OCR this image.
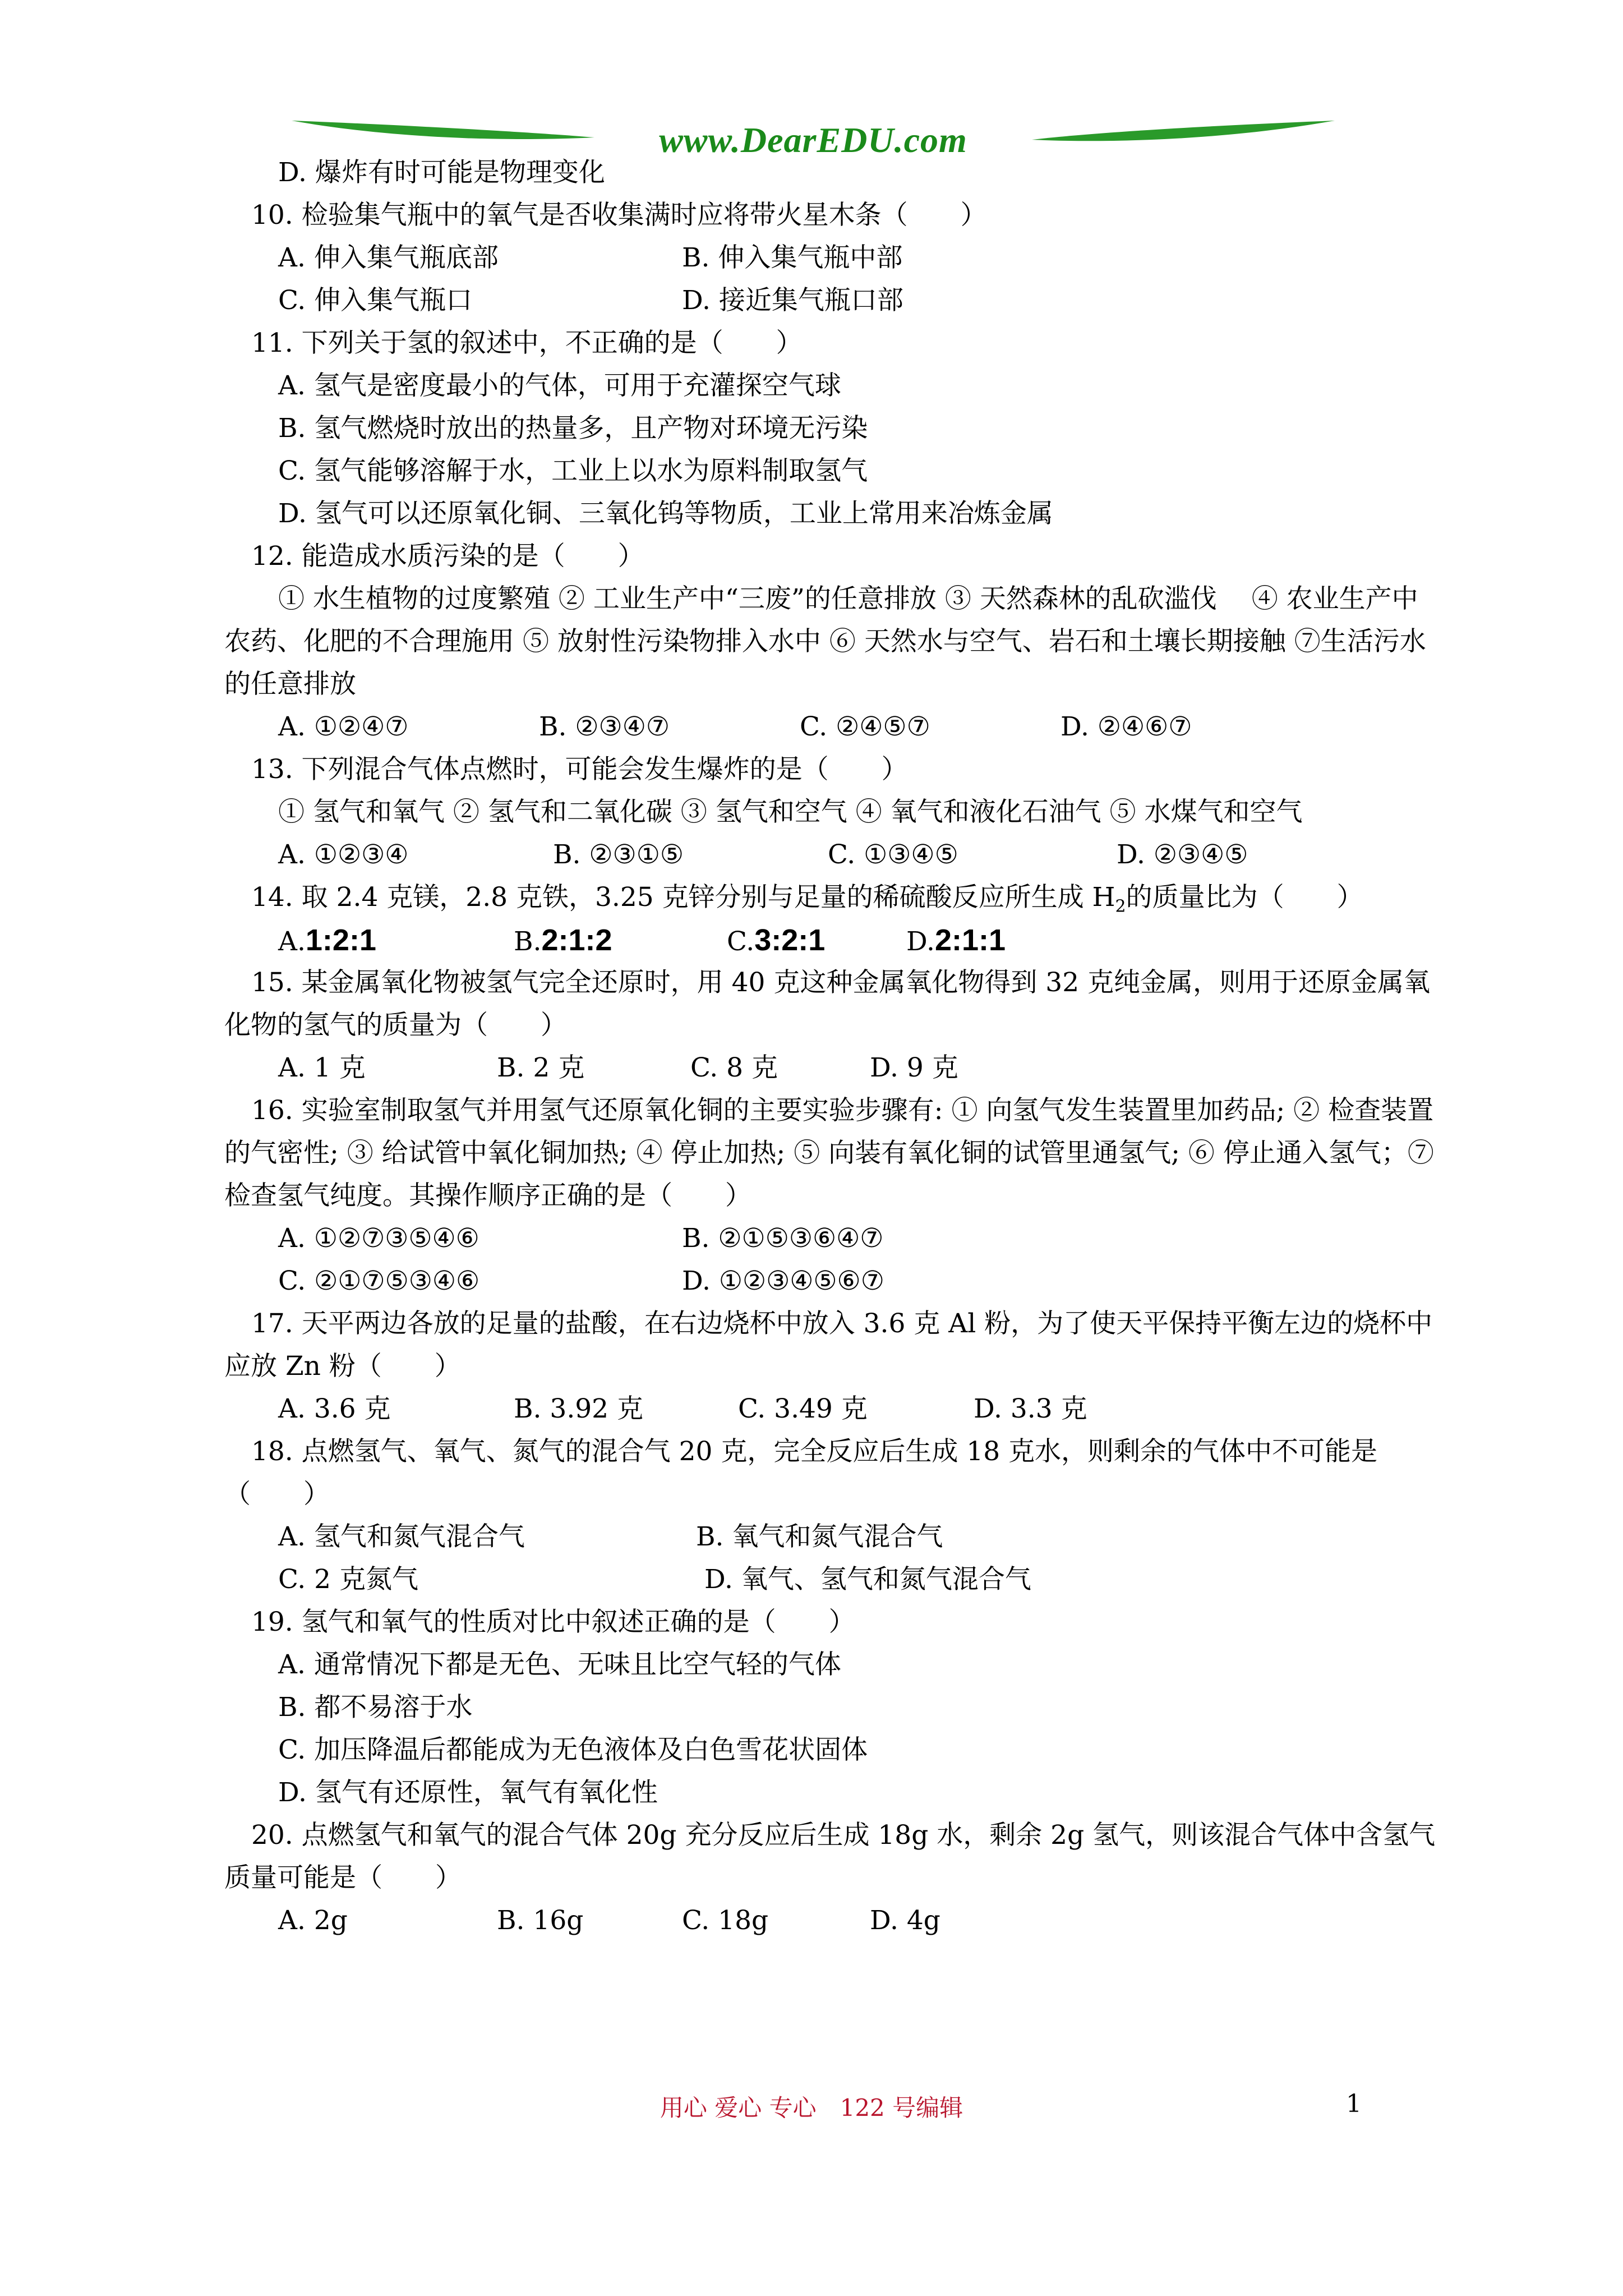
www.DearEDU.com
D. 爆炸有时可能是物理变化
10. 检验集气瓶中的氧气是否收集满时应将带火星木条（　　）
A. 伸入集气瓶底部	B. 伸入集气瓶中部
C. 伸入集气瓶口	D. 接近集气瓶口部
11. 下列关于氢的叙述中，不正确的是（　　）
A. 氢气是密度最小的气体，可用于充灌探空气球
B. 氢气燃烧时放出的热量多，且产物对环境无污染
C. 氢气能够溶解于水，工业上以水为原料制取氢气
D. 氢气可以还原氧化铜、三氧化钨等物质，工业上常用来冶炼金属
12. 能造成水质污染的是（　　）
① 水生植物的过度繁殖 ② 工业生产中“三废”的任意排放 ③ 天然森林的乱砍滥伐　 ④ 农业生产中农药、化肥的不合理施用 ⑤ 放射性污染物排入水中 ⑥ 天然水与空气、岩石和土壤长期接触 ⑦生活污水的任意排放
A. ①②④⑦	B. ②③④⑦	C. ②④⑤⑦	D. ②④⑥⑦
13. 下列混合气体点燃时，可能会发生爆炸的是（　　）
① 氢气和氧气 ② 氢气和二氧化碳 ③ 氢气和空气 ④ 氧气和液化石油气 ⑤ 水煤气和空气
A. ①②③④	B. ②③①⑤	C. ①③④⑤	D. ②③④⑤
14. 取 2.4 克镁，2.8 克铁，3.25 克锌分别与足量的稀硫酸反应所生成 $H_2$的质量比为（　　）
A.1:2:1	B.2:1:2	C.3:2:1	D.2:1:1
15. 某金属氧化物被氢气完全还原时，用 40 克这种金属氧化物得到 32 克纯金属，则用于还原金属氧化物的氢气的质量为（　　）
A. 1 克	B. 2 克	C. 8 克	D. 9 克
16. 实验室制取氢气并用氢气还原氧化铜的主要实验步骤有: ① 向氢气发生装置里加药品; ② 检查装置的气密性; ③ 给试管中氧化铜加热; ④ 停止加热; ⑤ 向装有氧化铜的试管里通氢气; ⑥ 停止通入氢气；⑦ 检查氢气纯度。其操作顺序正确的是（　　）
A. ①②⑦③⑤④⑥	B. ②①⑤③⑥④⑦
C. ②①⑦⑤③④⑥	D. ①②③④⑤⑥⑦
17. 天平两边各放的足量的盐酸，在右边烧杯中放入 3.6 克 Al 粉，为了使天平保持平衡左边的烧杯中应放 Zn 粉（　　）
A. 3.6 克	B. 3.92 克	C. 3.49 克	D. 3.3 克
18. 点燃氢气、氧气、氮气的混合气 20 克，完全反应后生成 18 克水，则剩余的气体中不可能是（　　）
A. 氢气和氮气混合气	B. 氧气和氮气混合气
C. 2 克氮气	D. 氧气、氢气和氮气混合气
19. 氢气和氧气的性质对比中叙述正确的是（　　）
A. 通常情况下都是无色、无味且比空气轻的气体
B. 都不易溶于水
C. 加压降温后都能成为无色液体及白色雪花状固体
D. 氢气有还原性，氧气有氧化性
20. 点燃氢气和氧气的混合气体 20g 充分反应后生成 18g 水，剩余 2g 氢气，则该混合气体中含氢气质量可能是（　　）
A. 2g	B. 16g	C. 18g	D. 4g
用心 爱心 专心　122 号编辑	1
